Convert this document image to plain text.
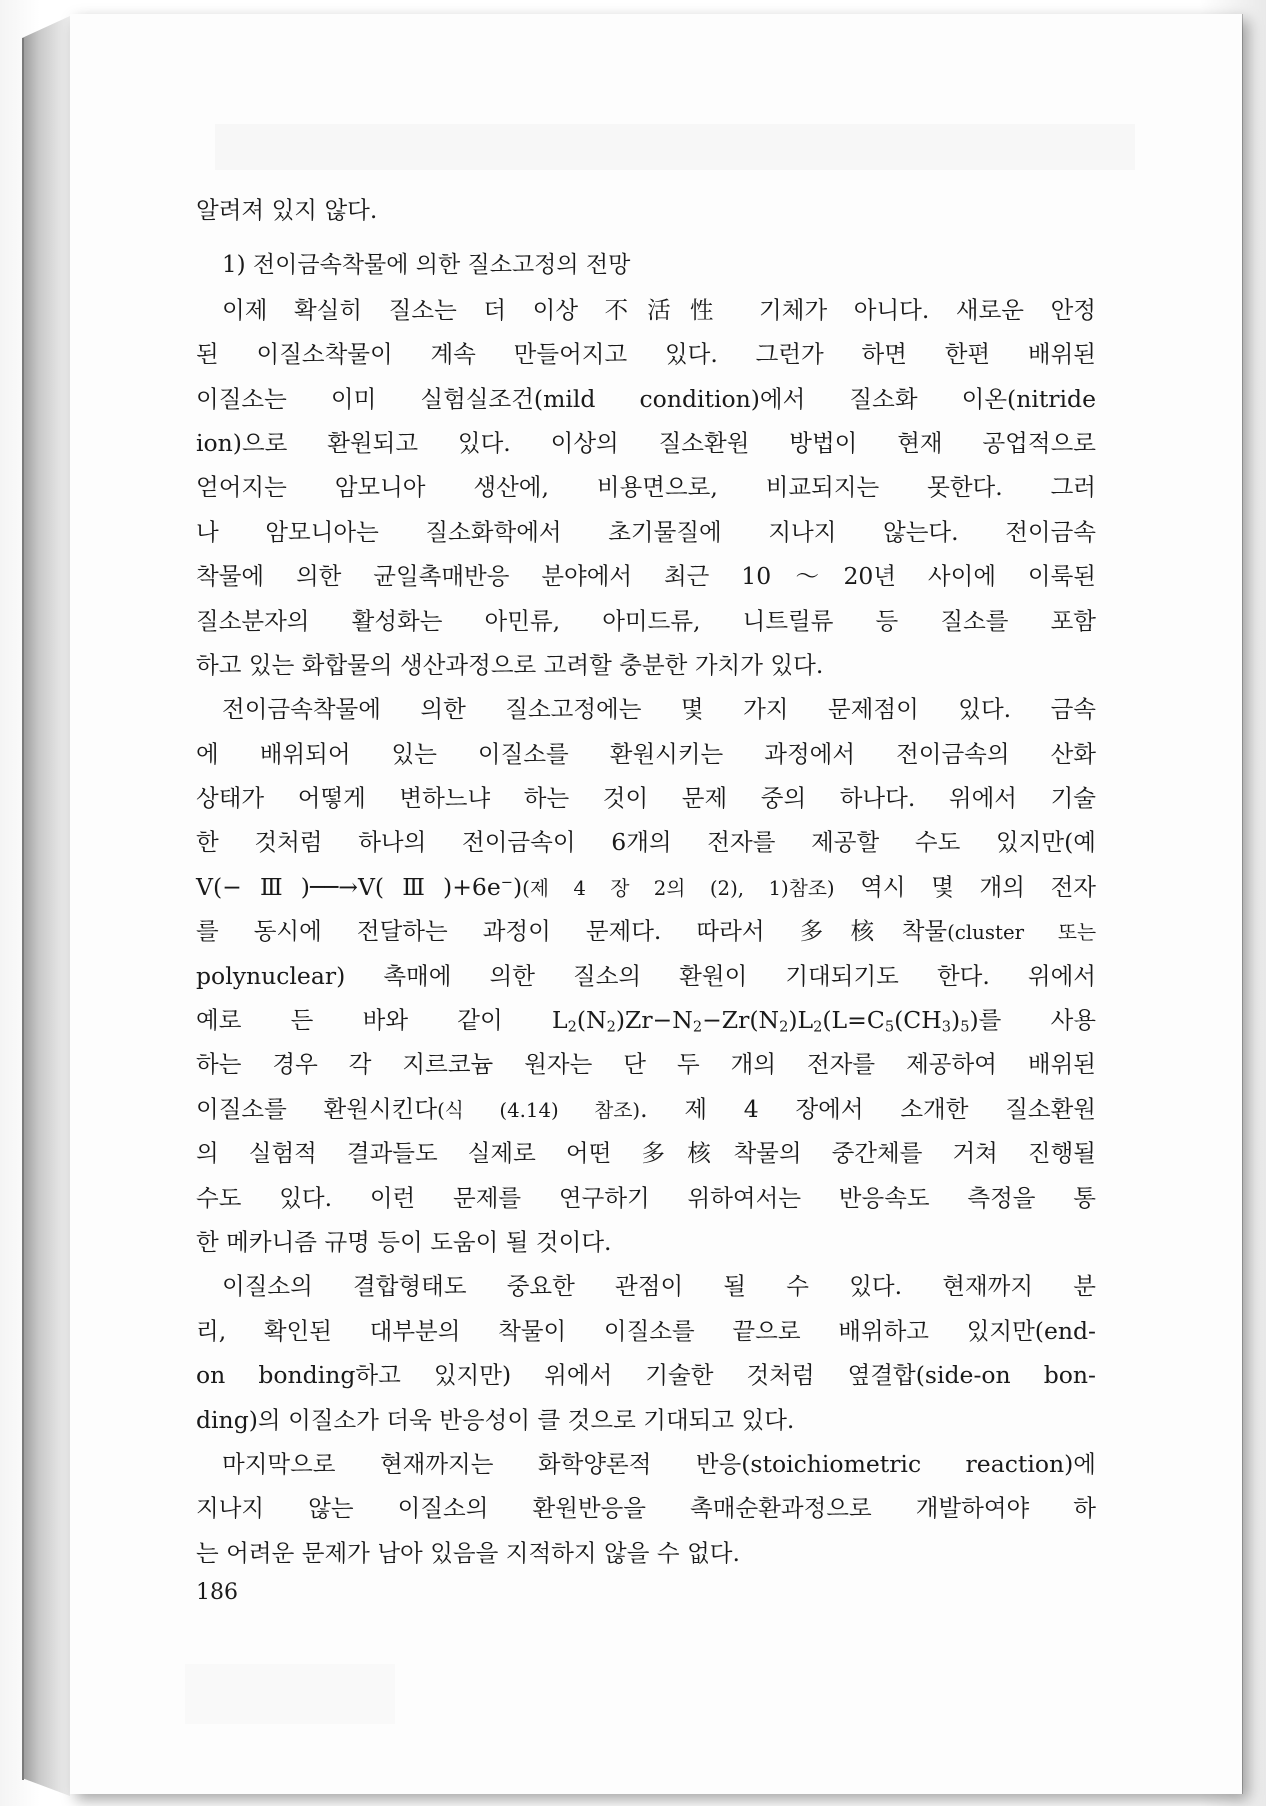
알려져 있지 않다.
1) 전이금속착물에 의한 질소고정의 전망
이제 확실히 질소는 더 이상 不活性 기체가 아니다. 새로운 안정
된 이질소착물이 계속 만들어지고 있다. 그런가 하면 한편 배위된
이질소는 이미 실험실조건(mild condition)에서 질소화 이온(nitride
ion)으로 환원되고 있다. 이상의 질소환원 방법이 현재 공업적으로
얻어지는 암모니아 생산에, 비용면으로, 비교되지는 못한다. 그러
나 암모니아는 질소화학에서 초기물질에 지나지 않는다. 전이금속
착물에 의한 균일촉매반응 분야에서 최근 10～20년 사이에 이룩된
질소분자의 활성화는 아민류, 아미드류, 니트릴류 등 질소를 포함
하고 있는 화합물의 생산과정으로 고려할 충분한 가치가 있다.
전이금속착물에 의한 질소고정에는 몇 가지 문제점이 있다. 금속
에 배위되어 있는 이질소를 환원시키는 과정에서 전이금속의 산화
상태가 어떻게 변하느냐 하는 것이 문제 중의 하나다. 위에서 기술
한 것처럼 하나의 전이금속이 6개의 전자를 제공할 수도 있지만(예
V(−Ⅲ)──→V(Ⅲ)+6e−)(제 4 장 2의 (2), 1)참조) 역시 몇 개의 전자
를 동시에 전달하는 과정이 문제다. 따라서 多核착물(cluster 또는
polynuclear) 촉매에 의한 질소의 환원이 기대되기도 한다. 위에서
예로 든 바와 같이 $L_2(N_2)Zr-N_2-Zr(N_2)L_2(L=C_5(CH_3)_5)$를 사용
하는 경우 각 지르코늄 원자는 단 두 개의 전자를 제공하여 배위된
이질소를 환원시킨다(식 (4.14) 참조). 제 4 장에서 소개한 질소환원
의 실험적 결과들도 실제로 어떤 多核착물의 중간체를 거쳐 진행될
수도 있다. 이런 문제를 연구하기 위하여서는 반응속도 측정을 통
한 메카니즘 규명 등이 도움이 될 것이다.
이질소의 결합형태도 중요한 관점이 될 수 있다. 현재까지 분
리, 확인된 대부분의 착물이 이질소를 끝으로 배위하고 있지만(end-
on bonding하고 있지만) 위에서 기술한 것처럼 옆결합(side-on bon-
ding)의 이질소가 더욱 반응성이 클 것으로 기대되고 있다.
마지막으로 현재까지는 화학양론적 반응(stoichiometric reaction)에
지나지 않는 이질소의 환원반응을 촉매순환과정으로 개발하여야 하
는 어려운 문제가 남아 있음을 지적하지 않을 수 없다.
186
